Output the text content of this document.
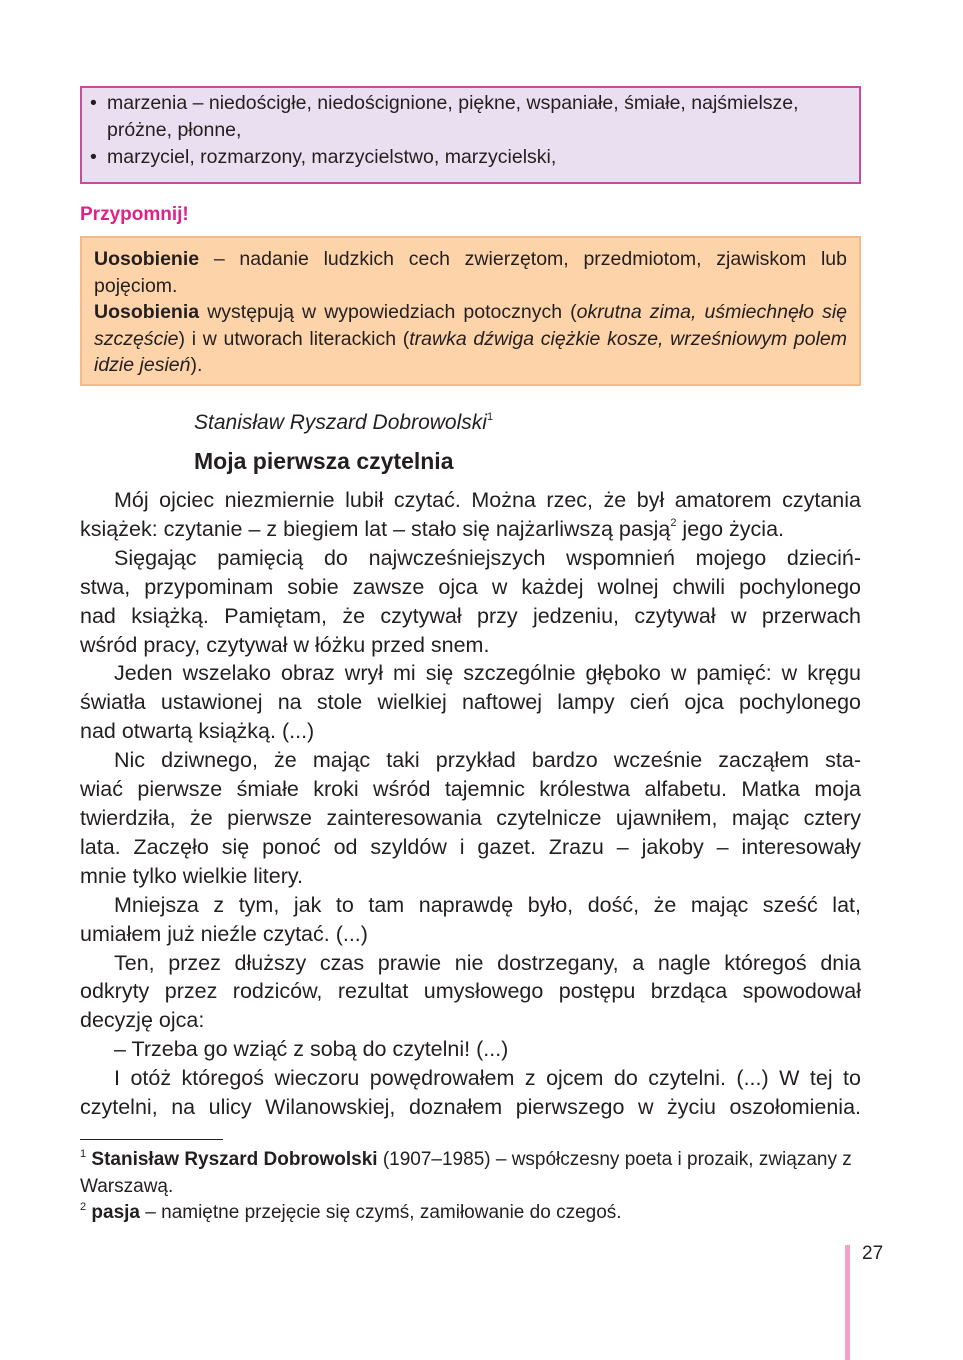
• marzenia – niedościgłe, niedoścignione, piękne, wspaniałe, śmiałe, najśmielsze, próżne, płonne,
• marzyciel, rozmarzony, marzycielstwo, marzycielski,
Przypomnij!

Uosobienie – nadanie ludzkich cech zwierzętom, przedmiotom, zjawiskom lub pojęciom.

Uosobienia występują w wypowiedziach potocznych (okrutna zima, uśmiechnęło się szczęście) i w utworach literackich (trawka dźwiga ciężkie kosze, wrześniowym polem idzie jesień).

Stanisław Ryszard Dobrowolski$^1$
Moja pierwsza czytelnia
Mój ojciec niezmiernie lubił czytać. Można rzec, że był amatorem czytania
książek: czytanie – z biegiem lat – stało się najżarliwszą pasją$^2$ jego życia.
Sięgając pamięcią do najwcześniejszych wspomnień mojego dzieciń-
stwa, przypominam sobie zawsze ojca w każdej wolnej chwili pochylonego
nad książką. Pamiętam, że czytywał przy jedzeniu, czytywał w przerwach
wśród pracy, czytywał w łóżku przed snem.
Jeden wszelako obraz wrył mi się szczególnie głęboko w pamięć: w kręgu
światła ustawionej na stole wielkiej naftowej lampy cień ojca pochylonego
nad otwartą książką. (...)
Nic dziwnego, że mając taki przykład bardzo wcześnie zacząłem sta-
wiać pierwsze śmiałe kroki wśród tajemnic królestwa alfabetu. Matka moja
twierdziła, że pierwsze zainteresowania czytelnicze ujawniłem, mając cztery
lata. Zaczęło się ponoć od szyldów i gazet. Zrazu – jakoby – interesowały
mnie tylko wielkie litery.
Mniejsza z tym, jak to tam naprawdę było, dość, że mając sześć lat,
umiałem już nieźle czytać. (...)
Ten, przez dłuższy czas prawie nie dostrzegany, a nagle któregoś dnia
odkryty przez rodziców, rezultat umysłowego postępu brzdąca spowodował
decyzję ojca:
– Trzeba go wziąć z sobą do czytelni! (...)
I otóż któregoś wieczoru powędrowałem z ojcem do czytelni. (...) W tej to
czytelni, na ulicy Wilanowskiej, doznałem pierwszego w życiu oszołomienia.

$^1$ Stanisław Ryszard Dobrowolski (1907–1985) – współczesny poeta i prozaik, związany z Warszawą.

$^2$ pasja – namiętne przejęcie się czymś, zamiłowanie do czegoś.

27
